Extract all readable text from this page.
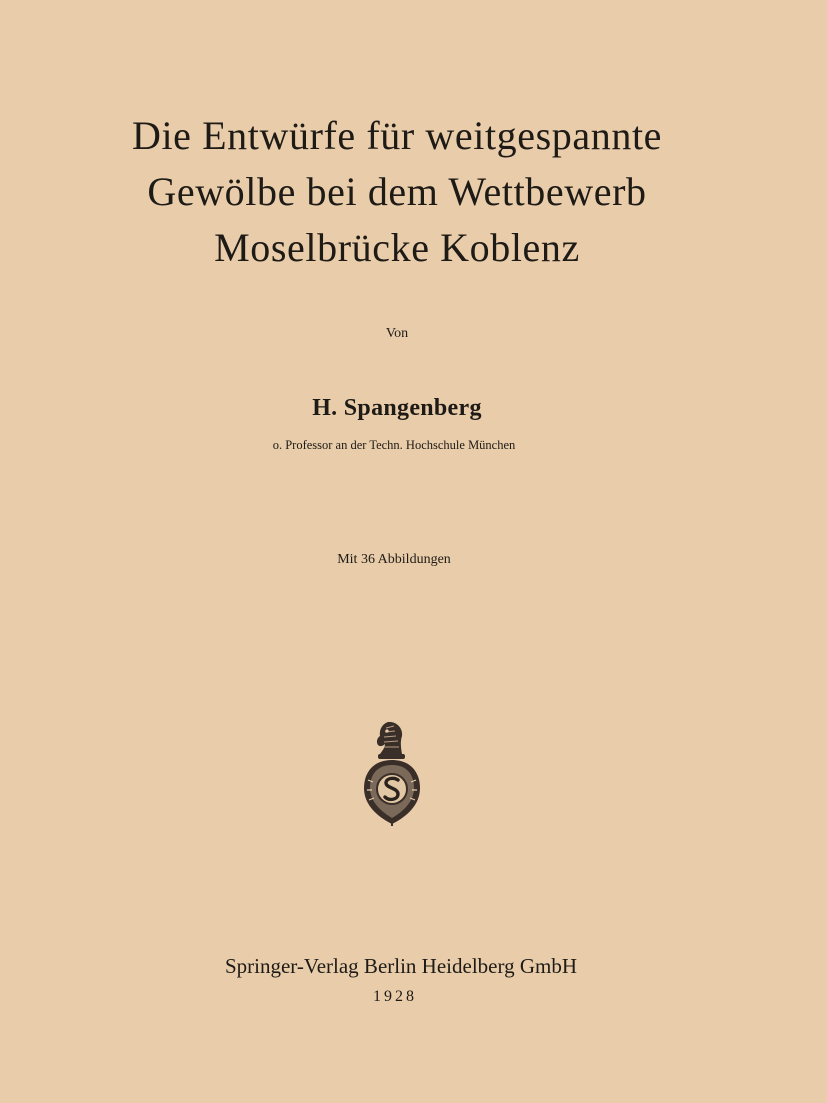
Die Entwürfe für weitgespannte
Gewölbe bei dem Wettbewerb
Moselbrücke Koblenz
Von
H. Spangenberg
o. Professor an der Techn. Hochschule München
Mit 36 Abbildungen
Springer-Verlag Berlin Heidelberg GmbH
1928
